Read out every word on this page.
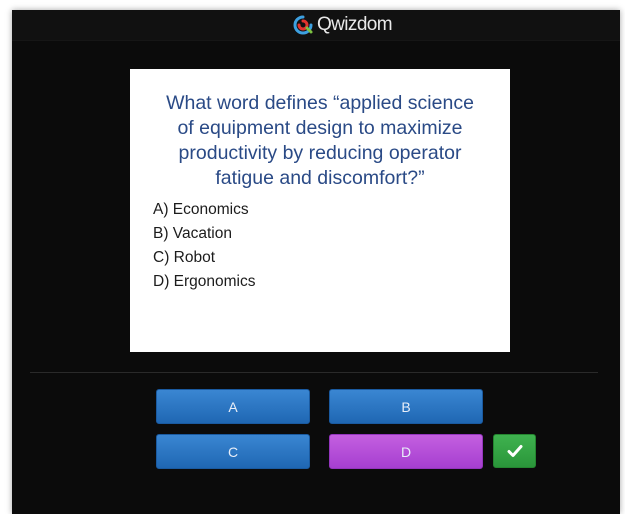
Qwizdom
What word defines “applied science
of equipment design to maximize
productivity by reducing operator
fatigue and discomfort?”
A) Economics
B) Vacation
C) Robot
D) Ergonomics
A	B
C	D
